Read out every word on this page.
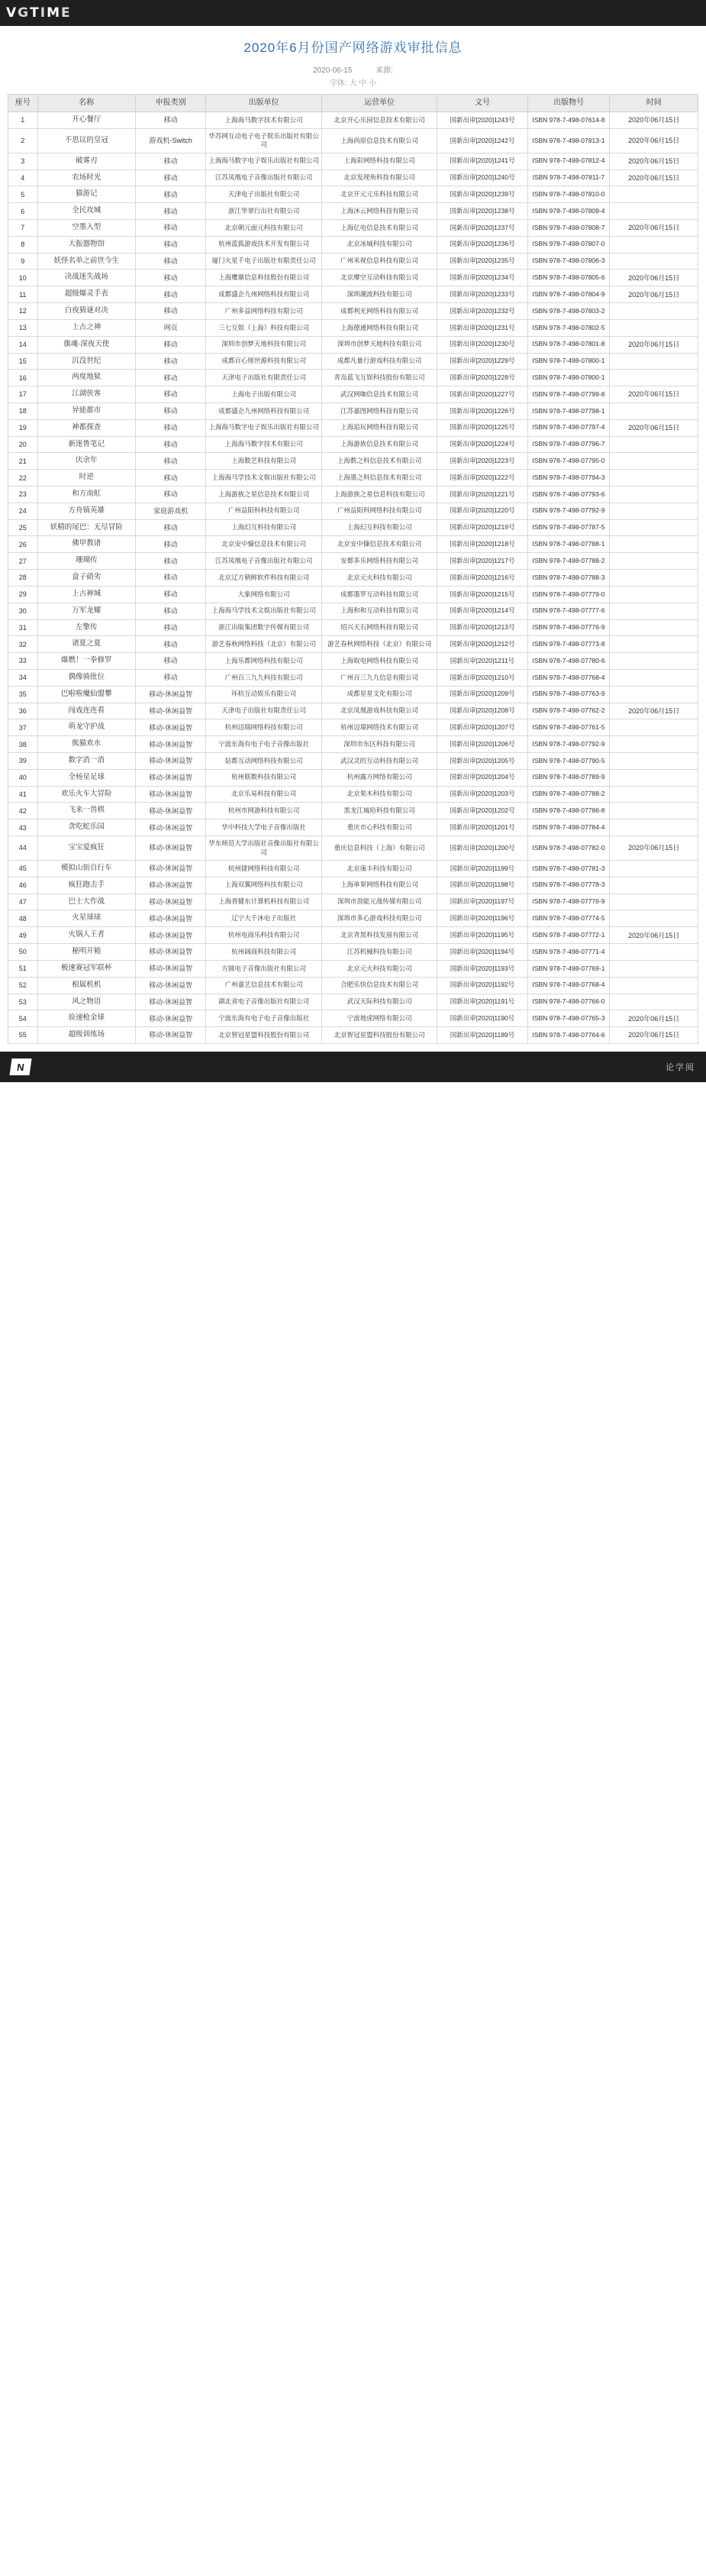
V G T I M E
2020年6月份国产网络游戏审批信息
2020-06-15	来源:
字体: 大 中 小
座号	名称	申报类别	出版单位	运营单位	文号	出版物号	时间
1	开心餐厅	移动	上海海马数字技术有限公司	北京开心乐园信息技术有限公司	国新出审[2020]1243号	ISBN 978-7-498-07614-8	2020年06月15日
2	不思议的皇冠	游戏机-Switch	华苏网互动电子电子娱乐出版社有限公司	上海尚原信息技术有限公司	国新出审[2020]1242号	ISBN 978-7-498-07813-1	2020年06月15日
3	破雾刃	移动	上海海马数字电子娱乐出版社有限公司	上海彩网络科技有限公司	国新出审[2020]1241号	ISBN 978-7-498-07812-4	2020年06月15日
4	农场时光	移动	江苏凤凰电子音像出版社有限公司	北京发现角科技有限公司	国新出审[2020]1240号	ISBN 978-7-498-07811-7	2020年06月15日
5	猫游记	移动	天津电子出版社有限公司	北京开元元乐科技有限公司	国新出审[2020]1239号	ISBN 978-7-498-07810-0	
6	全民攻城	移动	浙江华翠行出社有限公司	上海沐云网络科技有限公司	国新出审[2020]1238号	ISBN 978-7-498-07809-4	
7	空墨入型	移动	北京朝元面元科技有限公司	上海亿电信息技术有限公司	国新出审[2020]1237号	ISBN 978-7-498-07808-7	2020年06月15日
8	大振器物馆	移动	杭州蓝狐游戏技术开发有限公司	北京冰城科技有限公司	国新出审[2020]1236号	ISBN 978-7-498-07807-0	
9	妖怪名单之前世今生	移动	厦门火星千电子出版社有限责任公司	广州米视信息科技有限公司	国新出审[2020]1235号	ISBN 978-7-498-07806-3	
10	决战迷失战场	移动	上海鹰鼎信息科技股份有限公司	北京摩空互动科技有限公司	国新出审[2020]1234号	ISBN 978-7-498-07805-6	2020年06月15日
11	超级爆灵手表	移动	成都盛企九州网络科技有限公司	深圳潮流科技有限公司	国新出审[2020]1233号	ISBN 978-7-498-07804-9	2020年06月15日
12	白夜猜谜对决	移动	广州多益网络科技有限公司	成都利光网络科技有限公司	国新出审[2020]1232号	ISBN 978-7-498-07803-2	
13	上古之神	网页	三七互娱（上海）科技有限公司	上海德通网络科技有限公司	国新出审[2020]1231号	ISBN 978-7-498-07802-5	
14	旗魂·深夜天使	移动	深圳市创梦天地科技有限公司	深圳市创梦天地科技有限公司	国新出审[2020]1230号	ISBN 978-7-498-07801-8	2020年06月15日
15	沉没世纪	移动	成都百心厘世源科技有限公司	成都凡量行游戏科技有限公司	国新出审[2020]1229号	ISBN 978-7-498-07800-1	
16	两度地狱	移动	天津电子出版社有限责任公司	青岛蓝飞互娱科技股份有限公司	国新出审[2020]1228号	ISBN 978-7-498-07800-1	
17	江湖侠客	移动	上海电子出版有限公司	武汉网咖信息技术有限公司	国新出审[2020]1227号	ISBN 978-7-498-07799-8	2020年06月15日
18	异能都市	移动	成都盛企九州网络科技有限公司	江苏嘉图网络科技有限公司	国新出审[2020]1226号	ISBN 978-7-498-07798-1	
19	神都探查	移动	上海海马数字电子娱乐出版社有限公司	上海追玩网络科技有限公司	国新出审[2020]1225号	ISBN 978-7-498-07797-4	2020年06月15日
20	新迷鲁笔记	移动	上海海马数字技术有限公司	上海游族信息技术有限公司	国新出审[2020]1224号	ISBN 978-7-498-07796-7	
21	庆余年	移动	上海数艺科技有限公司	上海数之科信息技术有限公司	国新出审[2020]1223号	ISBN 978-7-498-07795-0	
22	时逆	移动	上海海马学技术文娱出版社有限公司	上海墨之科信息技术有限公司	国新出审[2020]1222号	ISBN 978-7-498-07794-3	
23	和方南虹	移动	上海游族之星信息技术有限公司	上海游族之星信息科技有限公司	国新出审[2020]1221号	ISBN 978-7-498-07793-6	
24	方舟镇英雄	家庭游戏机	广州益阳科科技有限公司	广州益阳科网络科技有限公司	国新出审[2020]1220号	ISBN 978-7-498-07792-9	
25	妖精的尾巴：无尽冒险	移动	上海幻互科技有限公司	上海幻互科技有限公司	国新出审[2020]1219号	ISBN 978-7-498-07787-5	
26	佛甲教诸	移动	北京安中慷信息技术有限公司	北京安中慷信息技术有限公司	国新出审[2020]1218号	ISBN 978-7-498-07788-1	
27	珊瑚传	移动	江苏凤凰电子音像出版社有限公司	安都多乐网络科技有限公司	国新出审[2020]1217号	ISBN 978-7-498-07788-2	
28	盒子硝劣	移动	北京辽方朝鲜软件科技有限公司	北京元火科技有限公司	国新出审[2020]1216号	ISBN 978-7-498-07788-3	
29	上古神城	移动	大象网络有限公司	成都墨罗互动科技有限公司	国新出审[2020]1215号	ISBN 978-7-498-07779-0	
30	万军龙耀	移动	上海海马学技术文娱出版社有限公司	上海和和互动科技有限公司	国新出审[2020]1214号	ISBN 978-7-498-07777-6	
31	左擎传	移动	浙江出版集团数字传媒有限公司	绍兴天石网络科技有限公司	国新出审[2020]1213号	ISBN 978-7-498-07776-9	
32	诸夏之夏	移动	游艺春秋网络科技（北京）有限公司	游艺春秋网络科技（北京）有限公司	国新出审[2020]1212号	ISBN 978-7-498-07773-8	
33	爆燃！一拳修罗	移动	上海乐都网络科技有限公司	上海取电网络科技有限公司	国新出审[2020]1211号	ISBN 978-7-498-07780-6	
34	偶像骑批位	移动	广州百三九九科技有限公司	广州百三九九信息有限公司	国新出审[2020]1210号	ISBN 978-7-498-07768-4	
35	巴啦啦魔仙盟攀	移动-休闲益智	环杭互动娱乐有限公司	成都星星文化有限公司	国新出审[2020]1209号	ISBN 978-7-498-07763-9	
36	闯戏连连看	移动-休闲益智	天津电子出版社有限责任公司	北京凤凰游戏科技有限公司	国新出审[2020]1208号	ISBN 978-7-498-07762-2	2020年06月15日
37	萌龙守护战	移动-休闲益智	杭州迈瑞网络科技有限公司	杭州迈瑞网络技术有限公司	国新出审[2020]1207号	ISBN 978-7-498-07761-5	
38	熊猫欢水	移动-休闲益智	宁波东海有电子电子音像出版社	深圳市东区科技有限公司	国新出审[2020]1206号	ISBN 978-7-498-07792-9	
39	数字消一消	移动-休闲益智	姑都互动网络科技有限公司	武汉灵的互动科技有限公司	国新出审[2020]1205号	ISBN 978-7-498-07790-5	
40	全杨星足球	移动-休闲益智	杭州联数科技有限公司	杭州露方网络有限公司	国新出审[2020]1204号	ISBN 978-7-498-07789-9	
41	欢乐火车大冒险	移动-休闲益智	北京乐易科技有限公司	北京果木科技有限公司	国新出审[2020]1203号	ISBN 978-7-498-07788-2	
42	飞来一兽棋	移动-休闲益智	杭州市网游科技有限公司	黑龙江城哈科技有限公司	国新出审[2020]1202号	ISBN 978-7-498-07786-8	
43	贪吃蛇乐园	移动-休闲益智	华中科技大学电子音像出版社	重庆市心科技有限公司	国新出审[2020]1201号	ISBN 978-7-498-07784-4	
44	宝宝爱疯狂	移动-休闲益智	华东师范大学出版社音像出版社有限公司	重庆信息科技（上海）有限公司	国新出审[2020]1200号	ISBN 978-7-498-07782-0	2020年06月15日
45	模拟山街自行车	移动-休闲益智	杭州捷网络科技有限公司	北京康丰科技有限公司	国新出审[2020]1199号	ISBN 978-7-498-07781-3	
46	疯狂跑击手	移动-休闲益智	上海双翼网络科技有限公司	上海单果网络科技有限公司	国新出审[2020]1198号	ISBN 978-7-498-07778-3	
47	巴士大作战	移动-休闲益智	上海晋健东计算机科技有限公司	深圳市劲能元战传媒有限公司	国新出审[2020]1197号	ISBN 978-7-498-07776-9	
48	火星球球	移动-休闲益智	辽宁大千沐电子出版社	深圳市多心游戏科技有限公司	国新出审[2020]1196号	ISBN 978-7-498-07774-5	
49	火锅人王者	移动-休闲益智	杭州电商乐科技有限公司	北京青黑科技发展有限公司	国新出审[2020]1195号	ISBN 978-7-498-07772-1	2020年06月15日
50	秘明开箱	移动-休闲益智	杭州阔商科技有限公司	江苏机械科技有限公司	国新出审[2020]1194号	ISBN 978-7-498-07771-4	
51	极速赛冠军联杯	移动-休闲益智	方圆电子音像出版社有限公司	北京元火科技有限公司	国新出审[2020]1193号	ISBN 978-7-498-07769-1	
52	根属机机	移动-休闲益智	广州嘉艺信息技术有限公司	合肥乐快信息技术有限公司	国新出审[2020]1192号	ISBN 978-7-498-07768-4	
53	风之物语	移动-休闲益智	湖北省电子音像出版社有限公司	武汉天际科技有限公司	国新出审[2020]1191号	ISBN 978-7-498-07766-0	
54	验速枪金球	移动-休闲益智	宁波东海有电子电子音像出版社	宁波地虎网络有限公司	国新出审[2020]1190号	ISBN 978-7-498-07765-3	2020年06月15日
55	超级训练场	移动-休闲益智	北京智冠星盟科技股份有限公司	北京智冠星盟科技股份有限公司	国新出审[2020]1189号	ISBN 978-7-498-07764-6	2020年06月15日
N	论学阅
